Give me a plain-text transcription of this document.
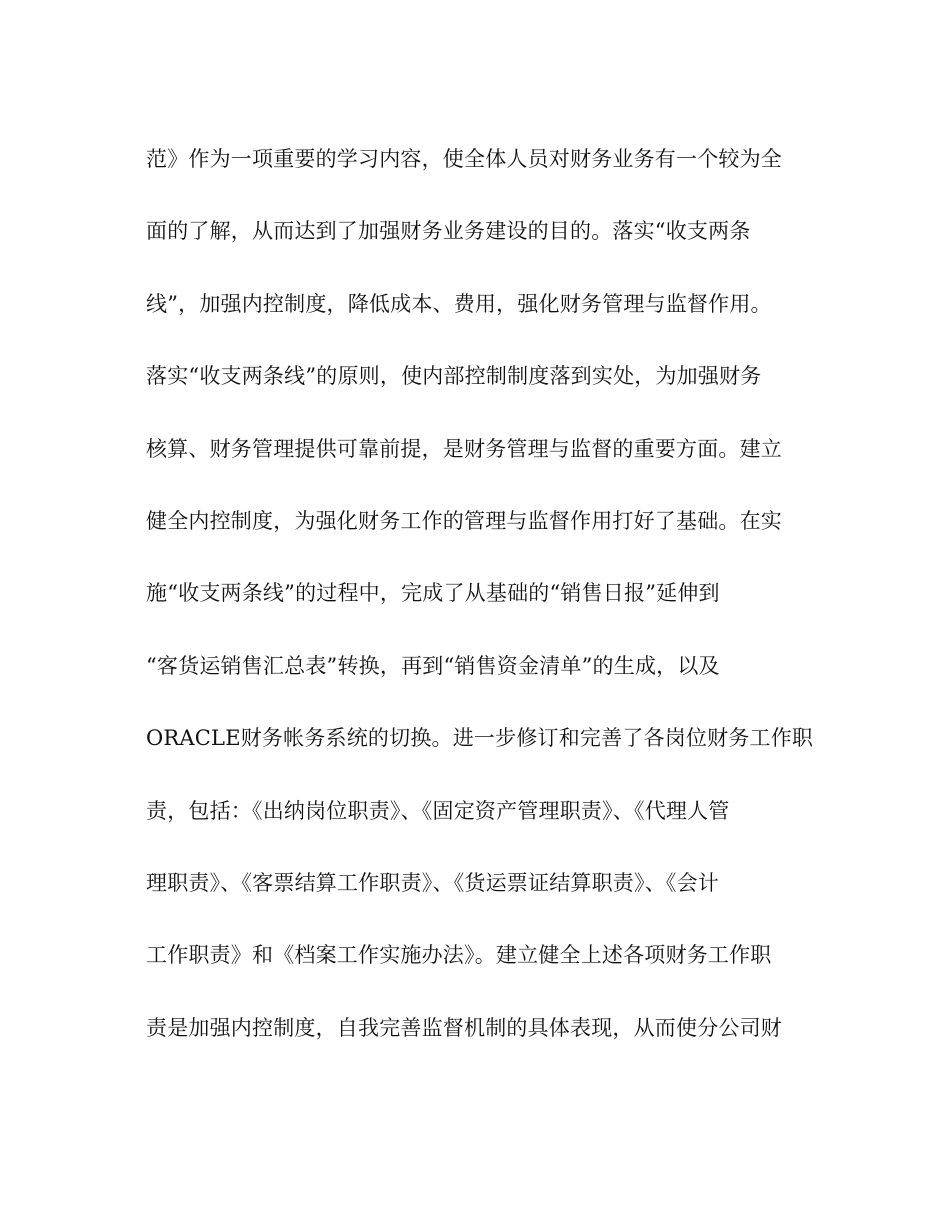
范》作为一项重要的学习内容，使全体人员对财务业务有一个较为全
面的了解，从而达到了加强财务业务建设的目的。落实“收支两条
线”，加强内控制度，降低成本、费用，强化财务管理与监督作用。
落实“收支两条线”的原则，使内部控制制度落到实处，为加强财务
核算、财务管理提供可靠前提，是财务管理与监督的重要方面。建立
健全内控制度，为强化财务工作的管理与监督作用打好了基础。在实
施“收支两条线”的过程中，完成了从基础的“销售日报”延伸到
“客货运销售汇总表”转换，再到“销售资金清单”的生成，以及
ORACLE财务帐务系统的切换。进一步修订和完善了各岗位财务工作职
责，包括：《出纳岗位职责》、《固定资产管理职责》、《代理人管
理职责》、《客票结算工作职责》、《货运票证结算职责》、《会计
工作职责》和《档案工作实施办法》。建立健全上述各项财务工作职
责是加强内控制度，自我完善监督机制的具体表现，从而使分公司财
